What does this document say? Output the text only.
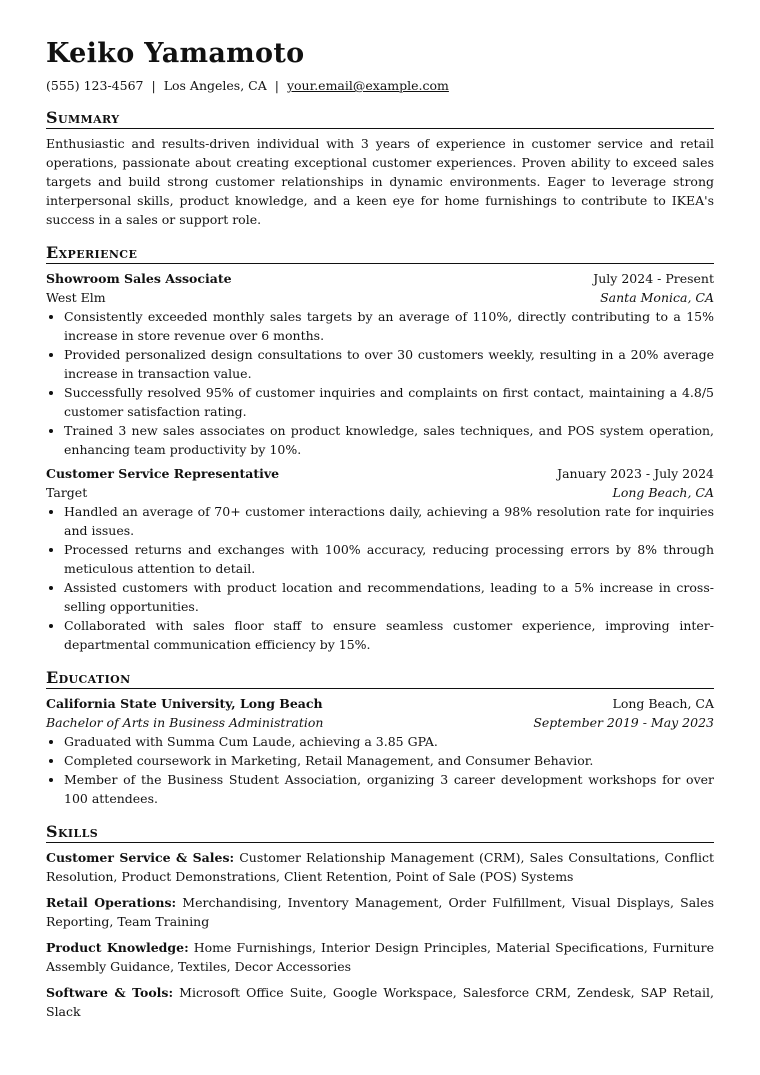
Keiko Yamamoto
(555) 123-4567 | Los Angeles, CA | your.email@example.com
Summary

Enthusiastic and results-driven individual with 3 years of experience in customer service and retail operations, passionate about creating exceptional customer experiences. Proven ability to exceed sales targets and build strong customer relationships in dynamic environments. Eager to leverage strong interpersonal skills, product knowledge, and a keen eye for home furnishings to contribute to IKEA's success in a sales or support role.

Experience
Showroom Sales Associate	July 2024 - Present
West Elm	Santa Monica, CA
• Consistently exceeded monthly sales targets by an average of 110%, directly contributing to a 15% increase in store revenue over 6 months.
• Provided personalized design consultations to over 30 customers weekly, resulting in a 20% average increase in transaction value.
• Successfully resolved 95% of customer inquiries and complaints on first contact, maintaining a 4.8/5 customer satisfaction rating.
• Trained 3 new sales associates on product knowledge, sales techniques, and POS system operation, enhancing team productivity by 10%.
Customer Service Representative	January 2023 - July 2024
Target	Long Beach, CA
• Handled an average of 70+ customer interactions daily, achieving a 98% resolution rate for inquiries and issues.
• Processed returns and exchanges with 100% accuracy, reducing processing errors by 8% through meticulous attention to detail.
• Assisted customers with product location and recommendations, leading to a 5% increase in cross-selling opportunities.
• Collaborated with sales floor staff to ensure seamless customer experience, improving inter-departmental communication efficiency by 15%.
Education
California State University, Long Beach	Long Beach, CA
Bachelor of Arts in Business Administration	September 2019 - May 2023
• Graduated with Summa Cum Laude, achieving a 3.85 GPA.
• Completed coursework in Marketing, Retail Management, and Consumer Behavior.
• Member of the Business Student Association, organizing 3 career development workshops for over 100 attendees.
Skills

Customer Service & Sales: Customer Relationship Management (CRM), Sales Consultations, Conflict Resolution, Product Demonstrations, Client Retention, Point of Sale (POS) Systems

Retail Operations: Merchandising, Inventory Management, Order Fulfillment, Visual Displays, Sales Reporting, Team Training

Product Knowledge: Home Furnishings, Interior Design Principles, Material Specifications, Furniture Assembly Guidance, Textiles, Decor Accessories

Software & Tools: Microsoft Office Suite, Google Workspace, Salesforce CRM, Zendesk, SAP Retail, Slack
